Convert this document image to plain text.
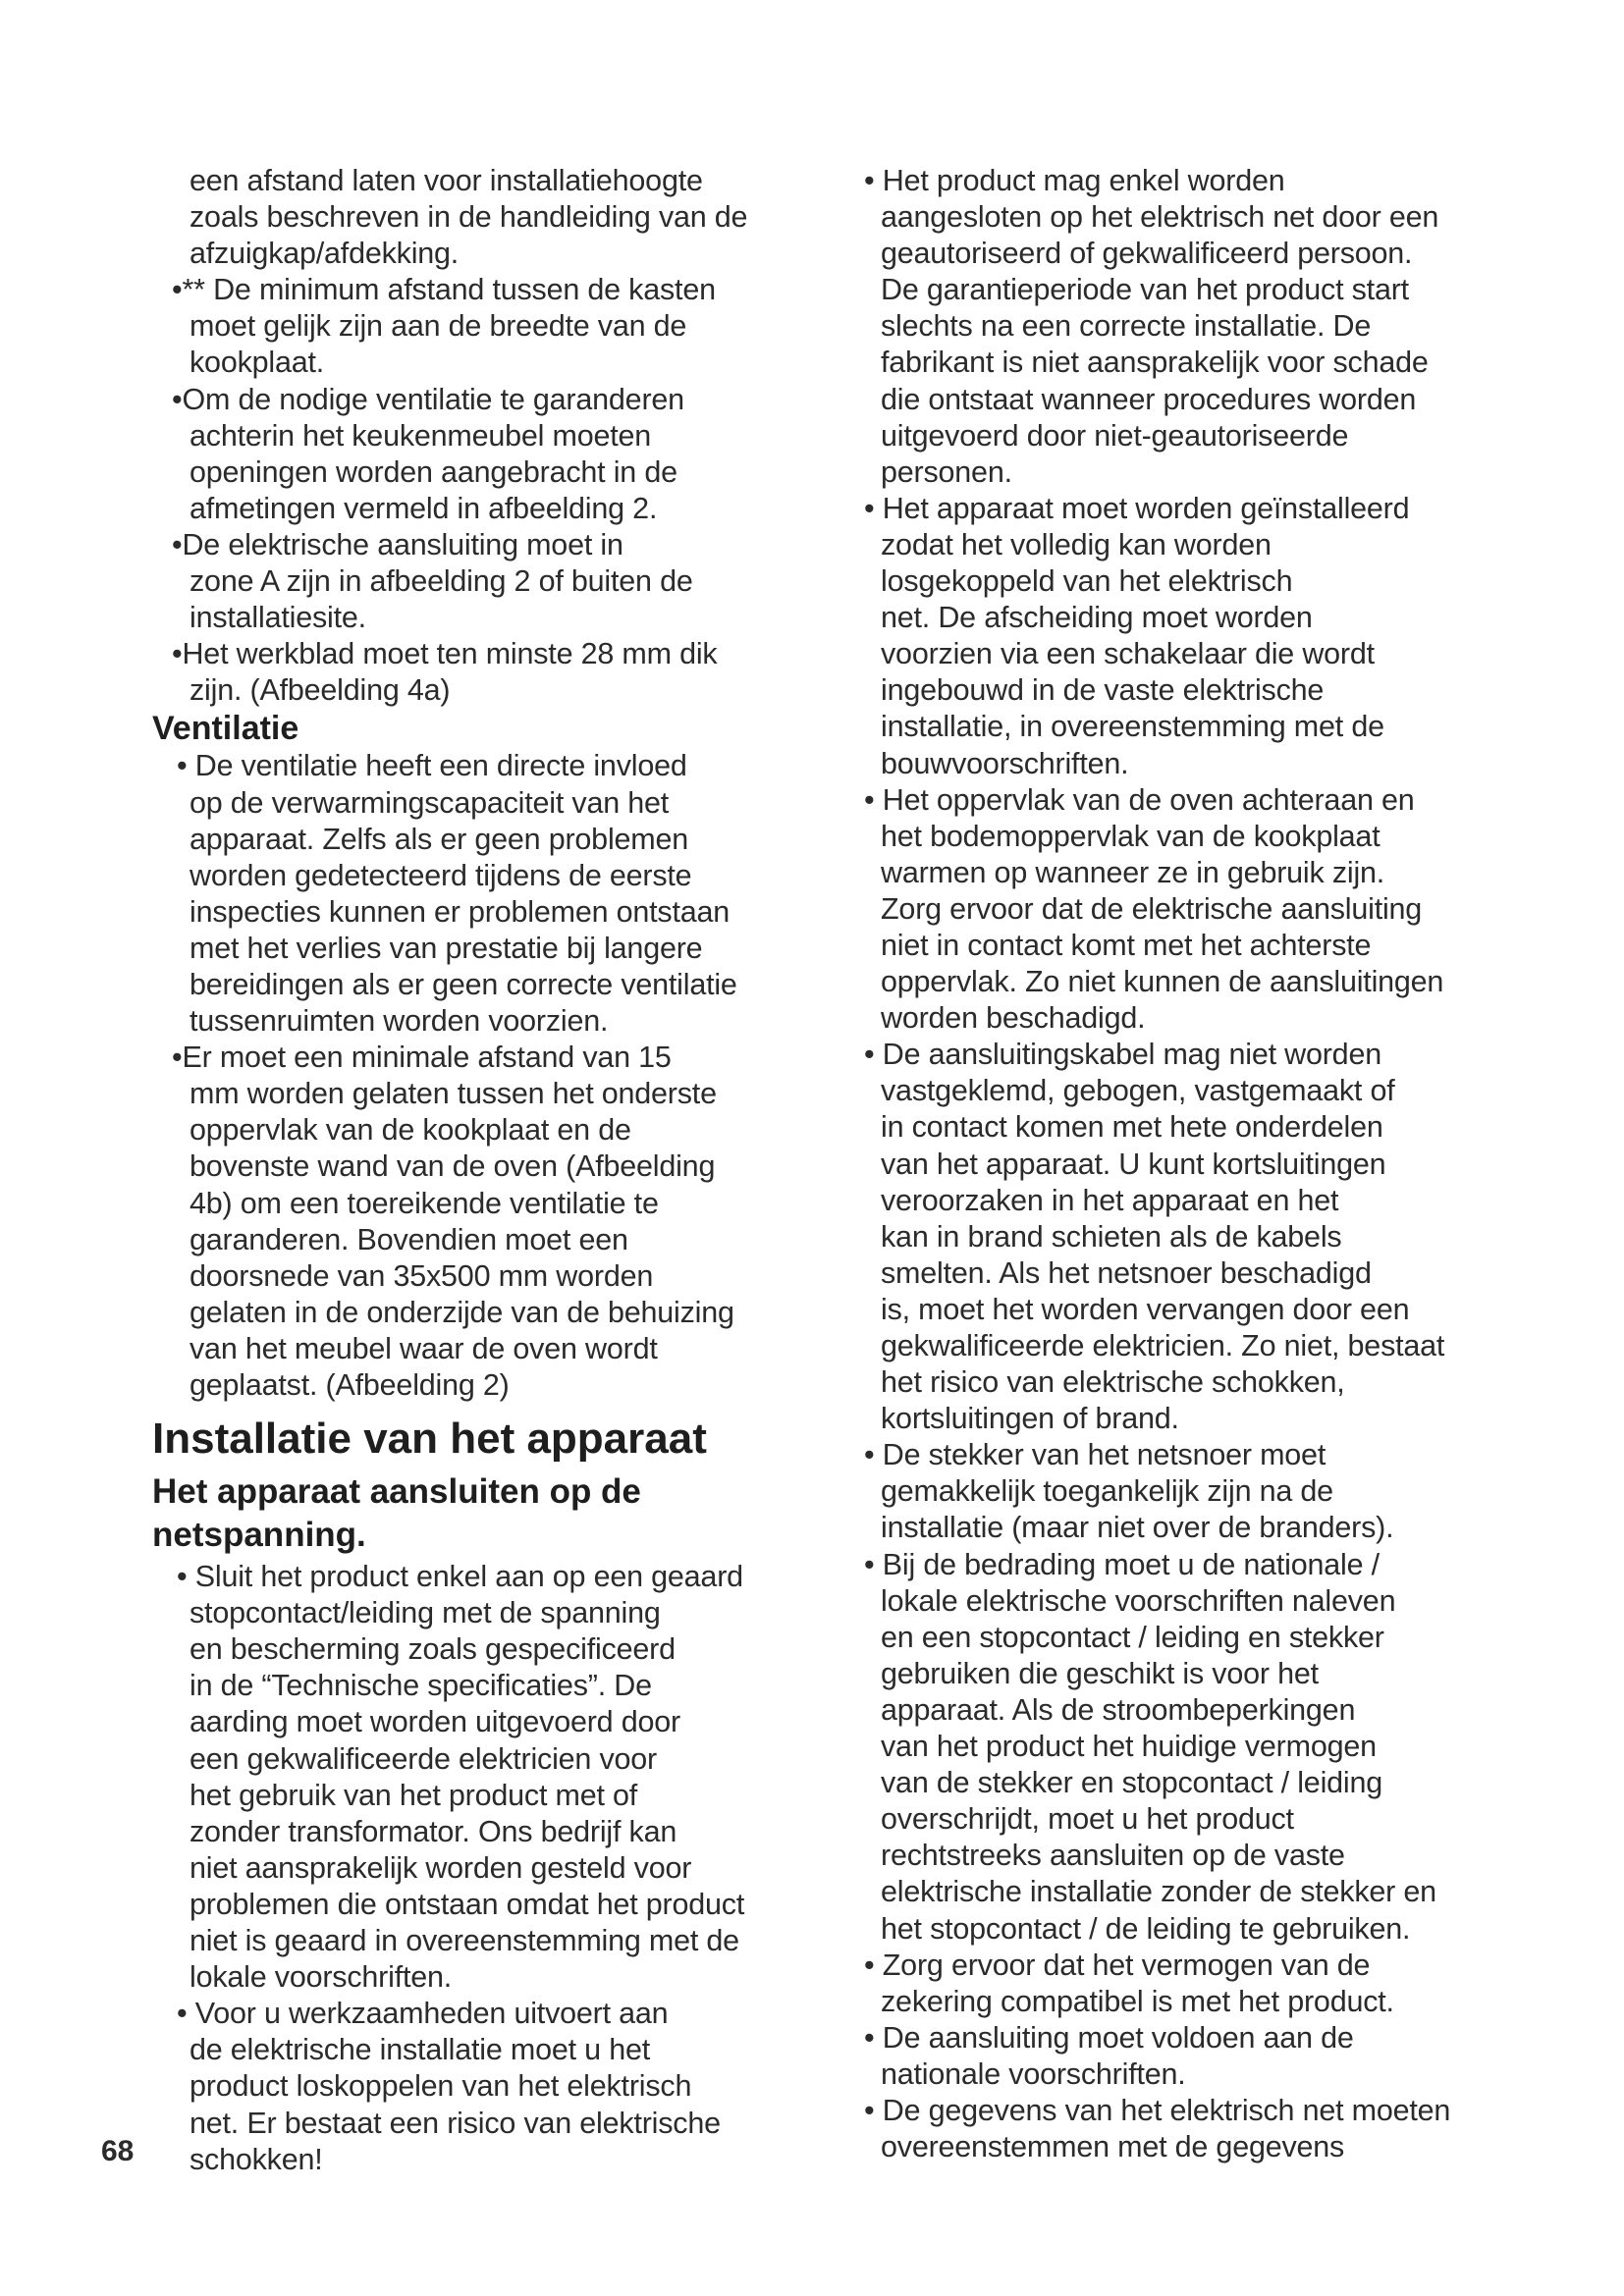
een afstand laten voor installatiehoogte
zoals beschreven in de handleiding van de
afzuigkap/afdekking.
•** De minimum afstand tussen de kasten
moet gelijk zijn aan de breedte van de
kookplaat.
•Om de nodige ventilatie te garanderen
achterin het keukenmeubel moeten
openingen worden aangebracht in de
afmetingen vermeld in afbeelding 2.
•De elektrische aansluiting moet in
zone A zijn in afbeelding 2 of buiten de
installatiesite.
•Het werkblad moet ten minste 28 mm dik
zijn. (Afbeelding 4a)
Ventilatie
• De ventilatie heeft een directe invloed
op de verwarmingscapaciteit van het
apparaat. Zelfs als er geen problemen
worden gedetecteerd tijdens de eerste
inspecties kunnen er problemen ontstaan
met het verlies van prestatie bij langere
bereidingen als er geen correcte ventilatie
tussenruimten worden voorzien.
•Er moet een minimale afstand van 15
mm worden gelaten tussen het onderste
oppervlak van de kookplaat en de
bovenste wand van de oven (Afbeelding
4b) om een toereikende ventilatie te
garanderen. Bovendien moet een
doorsnede van 35x500 mm worden
gelaten in de onderzijde van de behuizing
van het meubel waar de oven wordt
geplaatst. (Afbeelding 2)
Installatie van het apparaat
Het apparaat aansluiten op de
netspanning.
• Sluit het product enkel aan op een geaard
stopcontact/leiding met de spanning
en bescherming zoals gespecificeerd
in de “Technische specificaties”. De
aarding moet worden uitgevoerd door
een gekwalificeerde elektricien voor
het gebruik van het product met of
zonder transformator. Ons bedrijf kan
niet aansprakelijk worden gesteld voor
problemen die ontstaan omdat het product
niet is geaard in overeenstemming met de
lokale voorschriften.
• Voor u werkzaamheden uitvoert aan
de elektrische installatie moet u het
product loskoppelen van het elektrisch
net. Er bestaat een risico van elektrische
schokken!
• Het product mag enkel worden
aangesloten op het elektrisch net door een
geautoriseerd of gekwalificeerd persoon.
De garantieperiode van het product start
slechts na een correcte installatie. De
fabrikant is niet aansprakelijk voor schade
die ontstaat wanneer procedures worden
uitgevoerd door niet-geautoriseerde
personen.
• Het apparaat moet worden geïnstalleerd
zodat het volledig kan worden
losgekoppeld van het elektrisch
net. De afscheiding moet worden
voorzien via een schakelaar die wordt
ingebouwd in de vaste elektrische
installatie, in overeenstemming met de
bouwvoorschriften.
• Het oppervlak van de oven achteraan en
het bodemoppervlak van de kookplaat
warmen op wanneer ze in gebruik zijn.
Zorg ervoor dat de elektrische aansluiting
niet in contact komt met het achterste
oppervlak. Zo niet kunnen de aansluitingen
worden beschadigd.
• De aansluitingskabel mag niet worden
vastgeklemd, gebogen, vastgemaakt of
in contact komen met hete onderdelen
van het apparaat. U kunt kortsluitingen
veroorzaken in het apparaat en het
kan in brand schieten als de kabels
smelten. Als het netsnoer beschadigd
is, moet het worden vervangen door een
gekwalificeerde elektricien. Zo niet, bestaat
het risico van elektrische schokken,
kortsluitingen of brand.
• De stekker van het netsnoer moet
gemakkelijk toegankelijk zijn na de
installatie (maar niet over de branders).
• Bij de bedrading moet u de nationale /
lokale elektrische voorschriften naleven
en een stopcontact / leiding en stekker
gebruiken die geschikt is voor het
apparaat. Als de stroombeperkingen
van het product het huidige vermogen
van de stekker en stopcontact / leiding
overschrijdt, moet u het product
rechtstreeks aansluiten op de vaste
elektrische installatie zonder de stekker en
het stopcontact / de leiding te gebruiken.
• Zorg ervoor dat het vermogen van de
zekering compatibel is met het product.
• De aansluiting moet voldoen aan de
nationale voorschriften.
• De gegevens van het elektrisch net moeten
overeenstemmen met de gegevens
68
